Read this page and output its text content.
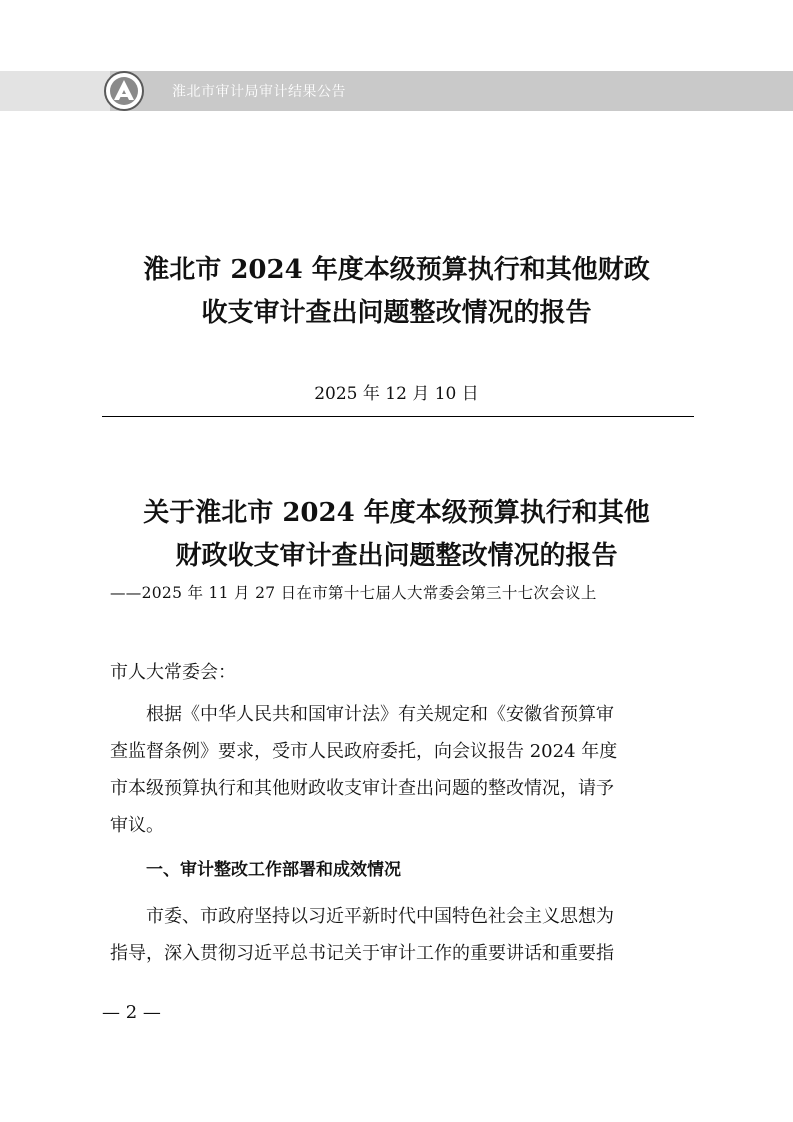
淮北市审计局审计结果公告
淮北市 2024 年度本级预算执行和其他财政
收支审计查出问题整改情况的报告
2025 年 12 月 10 日
关于淮北市 2024 年度本级预算执行和其他
财政收支审计查出问题整改情况的报告
——2025 年 11 月 27 日在市第十七届人大常委会第三十七次会议上
市人大常委会：
根据《中华人民共和国审计法》有关规定和《安徽省预算审
查监督条例》要求，受市人民政府委托，向会议报告 2024 年度
市本级预算执行和其他财政收支审计查出问题的整改情况，请予
审议。
一、审计整改工作部署和成效情况
市委、市政府坚持以习近平新时代中国特色社会主义思想为
指导，深入贯彻习近平总书记关于审计工作的重要讲话和重要指
— 2 —
